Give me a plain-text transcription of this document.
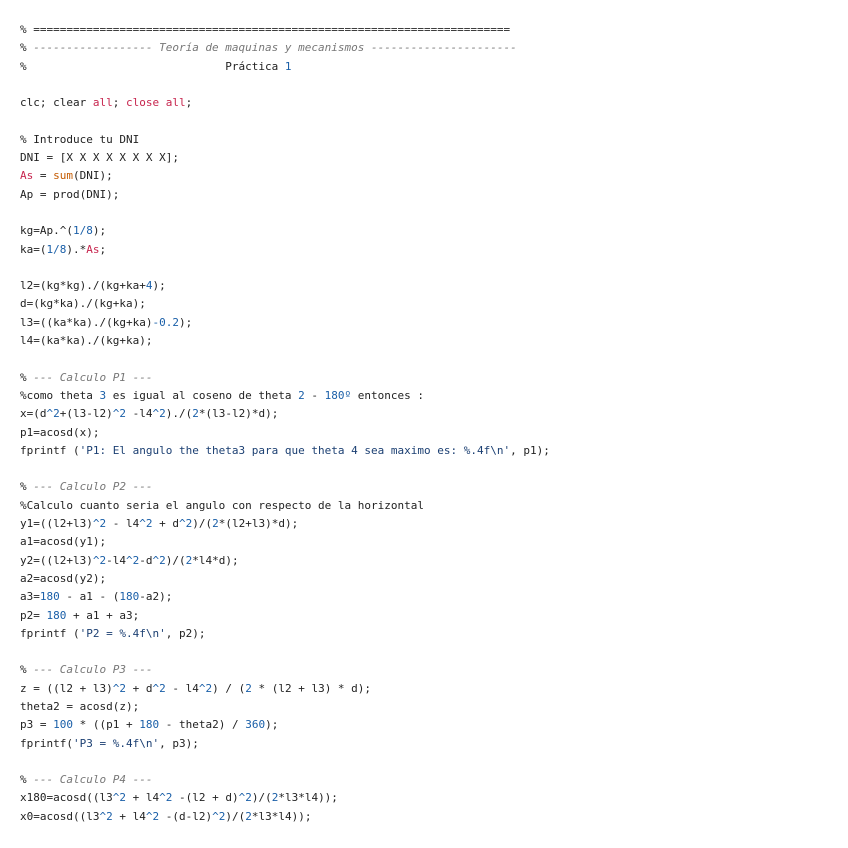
% ========================================================================
% ------------------ Teoría de maquinas y mecanismos ----------------------
%                              Práctica 1

clc; clear all; close all;

% Introduce tu DNI
DNI = [X X X X X X X X];
As = sum(DNI);
Ap = prod(DNI);

kg=Ap.^(1/8);
ka=(1/8).*As;

l2=(kg*kg)./(kg+ka+4);
d=(kg*ka)./(kg+ka);
l3=((ka*ka)./(kg+ka)-0.2);
l4=(ka*ka)./(kg+ka);

% --- Calculo P1 ---
%como theta 3 es igual al coseno de theta 2 - 180º entonces :
x=(d^2+(l3-l2)^2 -l4^2)./(2*(l3-l2)*d);
p1=acosd(x);
fprintf ('P1: El angulo the theta3 para que theta 4 sea maximo es: %.4f\n', p1);

% --- Calculo P2 ---
%Calculo cuanto seria el angulo con respecto de la horizontal
y1=((l2+l3)^2 - l4^2 + d^2)/(2*(l2+l3)*d);
a1=acosd(y1);
y2=((l2+l3)^2-l4^2-d^2)/(2*l4*d);
a2=acosd(y2);
a3=180 - a1 - (180-a2);
p2= 180 + a1 + a3;
fprintf ('P2 = %.4f\n', p2);

% --- Calculo P3 ---
z = ((l2 + l3)^2 + d^2 - l4^2) / (2 * (l2 + l3) * d);
theta2 = acosd(z);
p3 = 100 * ((p1 + 180 - theta2) / 360);
fprintf('P3 = %.4f\n', p3);

% --- Calculo P4 ---
x180=acosd((l3^2 + l4^2 -(l2 + d)^2)/(2*l3*l4));
x0=acosd((l3^2 + l4^2 -(d-l2)^2)/(2*l3*l4));
